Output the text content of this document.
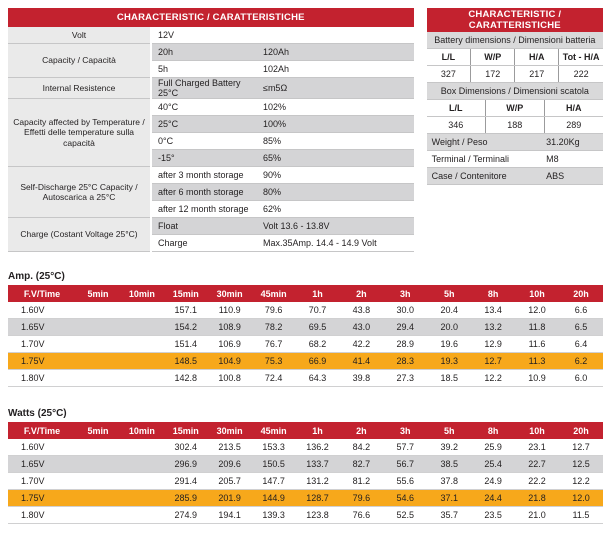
CHARACTERISTIC / CARATTERISTICHE		
Volt	12V	
Capacity / Capacità	20h	120Ah
	5h	102Ah
Internal Resistence	Full Charged Battery 25°C	≤m5Ω
Capacity affected by Temperature / Effetti delle temperature sulla capacità	40°C	102%
	25°C	100%
	0°C	85%
	-15°	65%
Self-Discharge 25°C Capacity / Autoscarica a 25°C	after 3 month storage	90%
	after 6 month storage	80%
	after 12 month storage	62%
Charge (Costant Voltage 25°C)	Float	Volt 13.6 - 13.8V
	Charge	Max.35Amp. 14.4 - 14.9 Volt
CHARACTERISTIC / CARATTERISTICHE					
Battery dimensions / Dimensioni batteria					
L/L	W/P		H/A		Tot - H/A
327	172		217		222
Box Dimensions / Dimensioni scatola					
L/L		W/P		H/A	
346		188		289	
Weight / Peso				31.20Kg	
Terminal / Terminali				M8	
Case / Contenitore				ABS	
Amp. (25°C)
F.V/Time	5min	10min	15min	30min	45min	1h	2h	3h	5h	8h	10h	20h
1.60V			157.1	110.9	79.6	70.7	43.8	30.0	20.4	13.4	12.0	6.6
1.65V			154.2	108.9	78.2	69.5	43.0	29.4	20.0	13.2	11.8	6.5
1.70V			151.4	106.9	76.7	68.2	42.2	28.9	19.6	12.9	11.6	6.4
1.75V			148.5	104.9	75.3	66.9	41.4	28.3	19.3	12.7	11.3	6.2
1.80V			142.8	100.8	72.4	64.3	39.8	27.3	18.5	12.2	10.9	6.0
Watts (25°C)
F.V/Time	5min	10min	15min	30min	45min	1h	2h	3h	5h	8h	10h	20h
1.60V			302.4	213.5	153.3	136.2	84.2	57.7	39.2	25.9	23.1	12.7
1.65V			296.9	209.6	150.5	133.7	82.7	56.7	38.5	25.4	22.7	12.5
1.70V			291.4	205.7	147.7	131.2	81.2	55.6	37.8	24.9	22.2	12.2
1.75V			285.9	201.9	144.9	128.7	79.6	54.6	37.1	24.4	21.8	12.0
1.80V			274.9	194.1	139.3	123.8	76.6	52.5	35.7	23.5	21.0	11.5
